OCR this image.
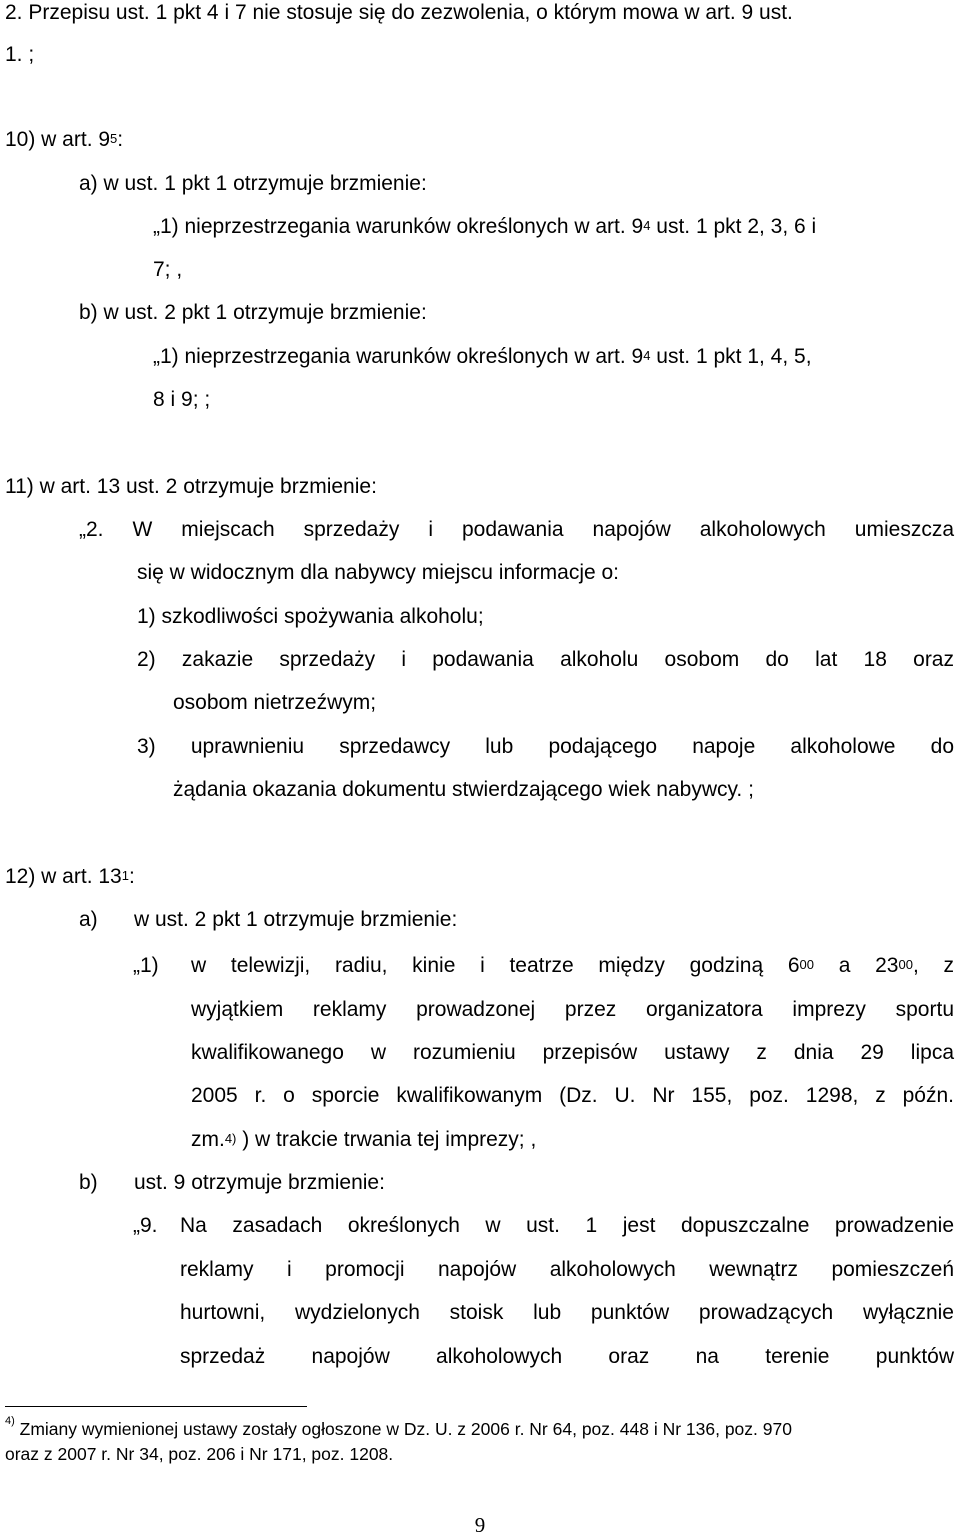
2. Przepisu ust. 1 pkt 4 i 7 nie stosuje się do zezwolenia, o którym mowa w art. 9 ust.
1. ;
10) w art. $9^5$:
a) w ust. 1 pkt 1 otrzymuje brzmienie:
„1) nieprzestrzegania warunków określonych w art. $9^4$ ust. 1 pkt 2, 3, 6 i
7; ,
b) w ust. 2 pkt 1 otrzymuje brzmienie:
„1) nieprzestrzegania warunków określonych w art. $9^4$ ust. 1 pkt 1, 4, 5,
8 i 9; ;
11) w art. 13 ust. 2 otrzymuje brzmienie:
„2. W miejscach sprzedaży i podawania napojów alkoholowych umieszcza
się w widocznym dla nabywcy miejscu informacje o:
1) szkodliwości spożywania alkoholu;
2) zakazie sprzedaży i podawania alkoholu osobom do lat 18 oraz
osobom nietrzeźwym;
3) uprawnieniu sprzedawcy lub podającego napoje alkoholowe do
żądania okazania dokumentu stwierdzającego wiek nabywcy. ;
12) w art. $13^1$:
a) w ust. 2 pkt 1 otrzymuje brzmienie:
„1) w telewizji, radiu, kinie i teatrze między godziną $6^{00}$ a $23^{00}$, z
wyjątkiem reklamy prowadzonej przez organizatora imprezy sportu
kwalifikowanego w rozumieniu przepisów ustawy z dnia 29 lipca
2005 r. o sporcie kwalifikowanym (Dz. U. Nr 155, poz. 1298, z późn.
zm.$^{4)}$ ) w trakcie trwania tej imprezy; ,
b) ust. 9 otrzymuje brzmienie:
„9. Na zasadach określonych w ust. 1 jest dopuszczalne prowadzenie
reklamy i promocji napojów alkoholowych wewnątrz pomieszczeń
hurtowni, wydzielonych stoisk lub punktów prowadzących wyłącznie
sprzedaż napojów alkoholowych oraz na terenie punktów
$^{4)}$ Zmiany wymienionej ustawy zostały ogłoszone w Dz. U. z 2006 r. Nr 64, poz. 448 i Nr 136, poz. 970
oraz z 2007 r. Nr 34, poz. 206 i Nr 171, poz. 1208.
9
